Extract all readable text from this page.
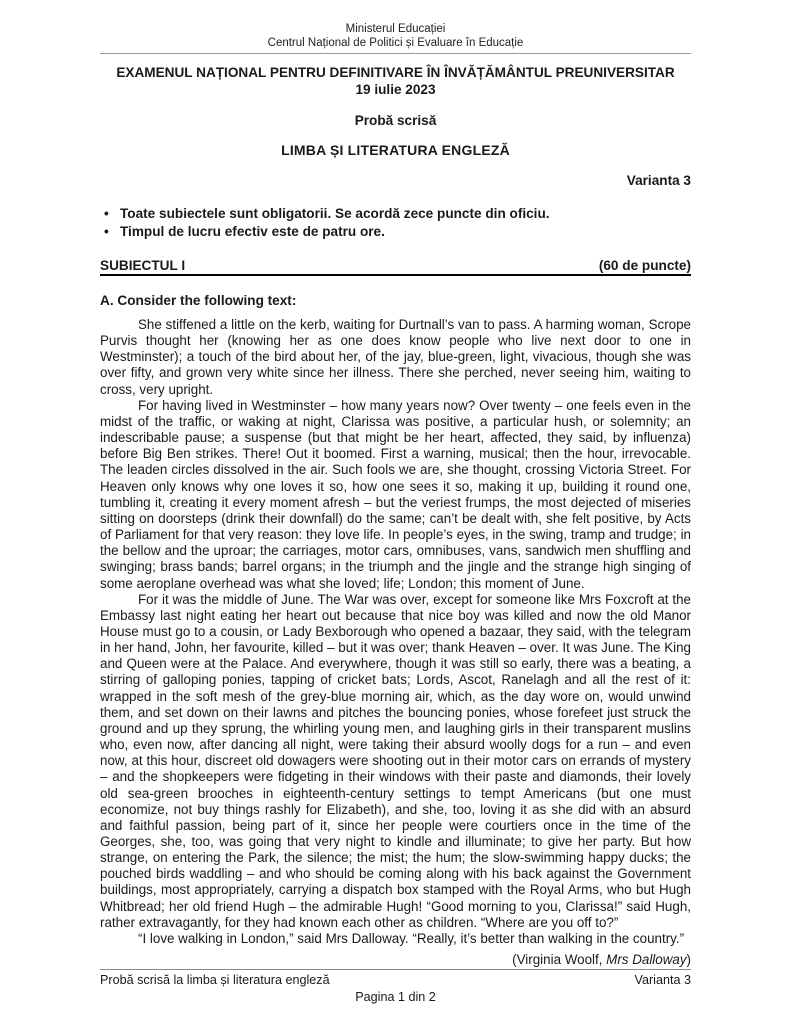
Ministerul Educației
Centrul Național de Politici și Evaluare în Educație
EXAMENUL NAȚIONAL PENTRU DEFINITIVARE ÎN ÎNVĂȚĂMÂNTUL PREUNIVERSITAR
19 iulie 2023
Probă scrisă
LIMBA ȘI LITERATURA ENGLEZĂ
Varianta 3
• Toate subiectele sunt obligatorii. Se acordă zece puncte din oficiu.
• Timpul de lucru efectiv este de patru ore.
SUBIECTUL I	(60 de puncte)
A. Consider the following text:

She stiffened a little on the kerb, waiting for Durtnall’s van to pass. A harming woman, Scrope Purvis thought her (knowing her as one does know people who live next door to one in Westminster); a touch of the bird about her, of the jay, blue-green, light, vivacious, though she was over fifty, and grown very white since her illness. There she perched, never seeing him, waiting to cross, very upright.

For having lived in Westminster – how many years now? Over twenty – one feels even in the midst of the traffic, or waking at night, Clarissa was positive, a particular hush, or solemnity; an indescribable pause; a suspense (but that might be her heart, affected, they said, by influenza) before Big Ben strikes. There! Out it boomed. First a warning, musical; then the hour, irrevocable. The leaden circles dissolved in the air. Such fools we are, she thought, crossing Victoria Street. For Heaven only knows why one loves it so, how one sees it so, making it up, building it round one, tumbling it, creating it every moment afresh – but the veriest frumps, the most dejected of miseries sitting on doorsteps (drink their downfall) do the same; can’t be dealt with, she felt positive, by Acts of Parliament for that very reason: they love life. In people’s eyes, in the swing, tramp and trudge; in the bellow and the uproar; the carriages, motor cars, omnibuses, vans, sandwich men shuffling and swinging; brass bands; barrel organs; in the triumph and the jingle and the strange high singing of some aeroplane overhead was what she loved; life; London; this moment of June.

For it was the middle of June. The War was over, except for someone like Mrs Foxcroft at the Embassy last night eating her heart out because that nice boy was killed and now the old Manor House must go to a cousin, or Lady Bexborough who opened a bazaar, they said, with the telegram in her hand, John, her favourite, killed – but it was over; thank Heaven – over. It was June. The King and Queen were at the Palace. And everywhere, though it was still so early, there was a beating, a stirring of galloping ponies, tapping of cricket bats; Lords, Ascot, Ranelagh and all the rest of it: wrapped in the soft mesh of the grey-blue morning air, which, as the day wore on, would unwind them, and set down on their lawns and pitches the bouncing ponies, whose forefeet just struck the ground and up they sprung, the whirling young men, and laughing girls in their transparent muslins who, even now, after dancing all night, were taking their absurd woolly dogs for a run – and even now, at this hour, discreet old dowagers were shooting out in their motor cars on errands of mystery – and the shopkeepers were fidgeting in their windows with their paste and diamonds, their lovely old sea-green brooches in eighteenth-century settings to tempt Americans (but one must economize, not buy things rashly for Elizabeth), and she, too, loving it as she did with an absurd and faithful passion, being part of it, since her people were courtiers once in the time of the Georges, she, too, was going that very night to kindle and illuminate; to give her party. But how strange, on entering the Park, the silence; the mist; the hum; the slow-swimming happy ducks; the pouched birds waddling – and who should be coming along with his back against the Government buildings, most appropriately, carrying a dispatch box stamped with the Royal Arms, who but Hugh Whitbread; her old friend Hugh – the admirable Hugh! “Good morning to you, Clarissa!” said Hugh, rather extravagantly, for they had known each other as children. “Where are you off to?”

“I love walking in London,” said Mrs Dalloway. “Really, it’s better than walking in the country.”

(Virginia Woolf, Mrs Dalloway)
Probă scrisă la limba și literatura engleză	Varianta 3
Pagina 1 din 2
